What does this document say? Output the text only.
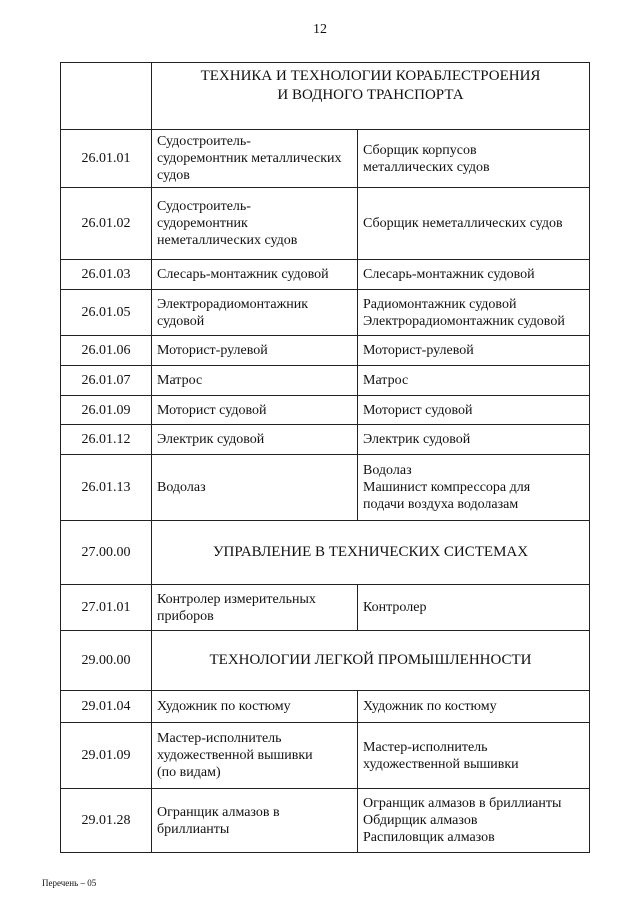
12

	ТЕХНИКА И ТЕХНОЛОГИИ КОРАБЛЕСТРОЕНИЯ
И ВОДНОГО ТРАНСПОРТА	

26.01.01	Судостроитель-
судоремонтник металлических
судов	Сборщик корпусов
металлических судов

26.01.02	Судостроитель-
судоремонтник
неметаллических судов	Сборщик неметаллических судов

26.01.03	Слесарь-монтажник судовой	Слесарь-монтажник судовой

26.01.05	Электрорадиомонтажник
судовой	Радиомонтажник судовой
Электрорадиомонтажник судовой

26.01.06	Моторист-рулевой	Моторист-рулевой

26.01.07	Матрос	Матрос

26.01.09	Моторист судовой	Моторист судовой

26.01.12	Электрик судовой	Электрик судовой

26.01.13	Водолаз	Водолаз
Машинист компрессора для
подачи воздуха водолазам

27.00.00	УПРАВЛЕНИЕ В ТЕХНИЧЕСКИХ СИСТЕМАХ	

27.01.01	Контролер измерительных
приборов	Контролер

29.00.00	ТЕХНОЛОГИИ ЛЕГКОЙ ПРОМЫШЛЕННОСТИ	

29.01.04	Художник по костюму	Художник по костюму

29.01.09	Мастер-исполнитель
художественной вышивки
(по видам)	Мастер-исполнитель
художественной вышивки

29.01.28	Огранщик алмазов в
бриллианты	Огранщик алмазов в бриллианты
Обдирщик алмазов
Распиловщик алмазов
Перечень – 05
